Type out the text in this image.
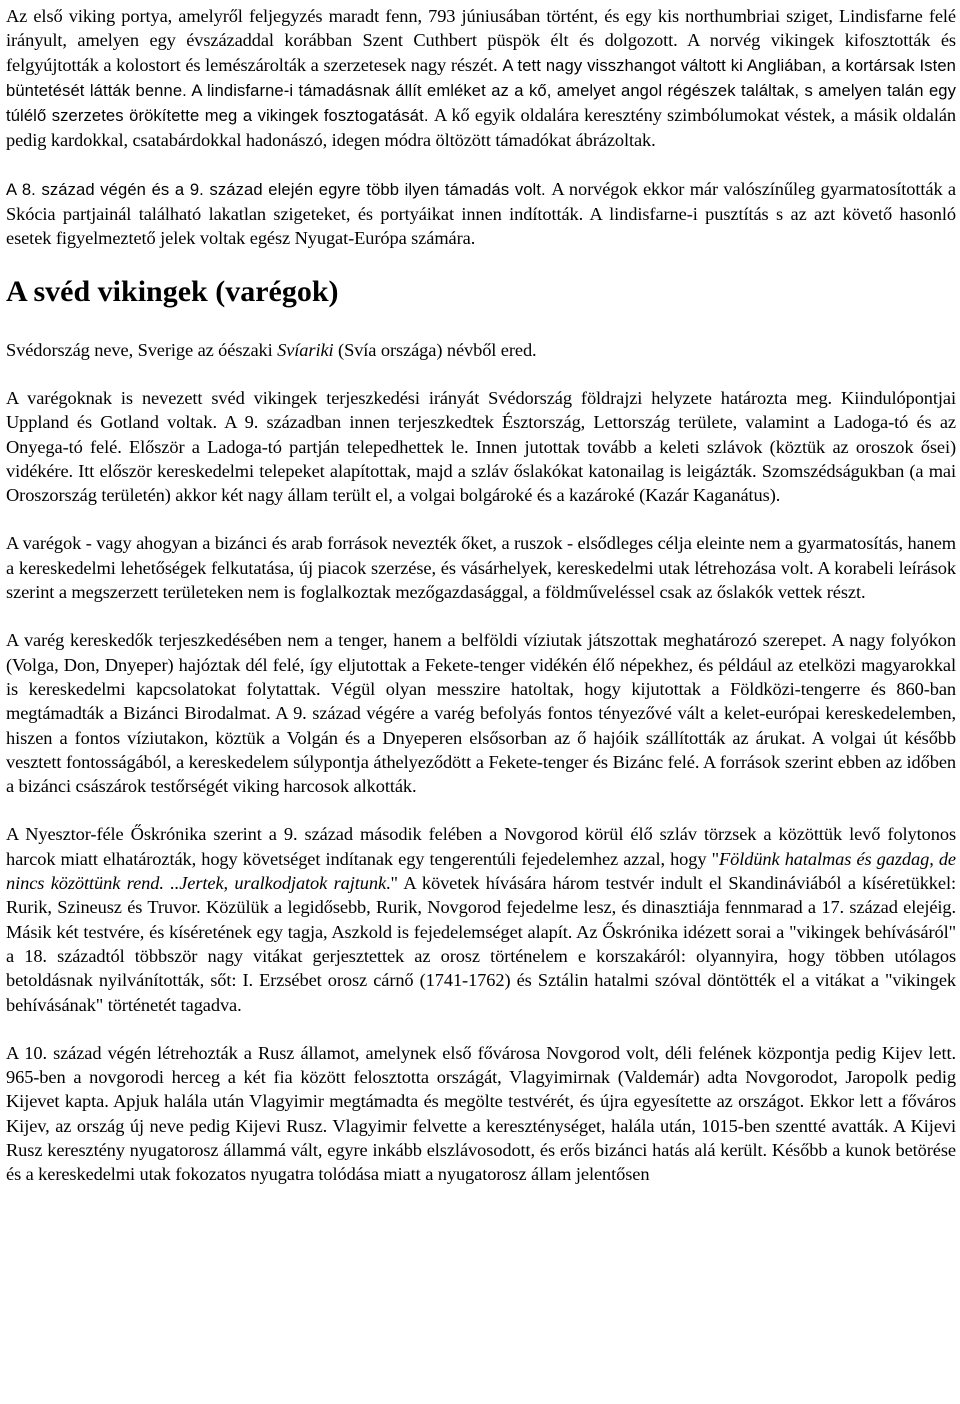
Az első viking portya, amelyről feljegyzés maradt fenn, 793 júniusában történt, és egy kis northumbriai sziget, Lindisfarne felé irányult, amelyen egy évszázaddal korábban Szent Cuthbert püspök élt és dolgozott. A norvég vikingek kifosztották és felgyújtották a kolostort és lemészárolták a szerzetesek nagy részét. A tett nagy visszhangot váltott ki Angliában, a kortársak Isten büntetését látták benne. A lindisfarne-i támadásnak állít emléket az a kő, amelyet angol régészek találtak, s amelyen talán egy túlélő szerzetes örökítette meg a vikingek fosztogatását. A kő egyik oldalára keresztény szimbólumokat véstek, a másik oldalán pedig kardokkal, csatabárdokkal hadonászó, idegen módra öltözött támadókat ábrázoltak.

A 8. század végén és a 9. század elején egyre több ilyen támadás volt. A norvégok ekkor már valószínűleg gyarmatosították a Skócia partjainál található lakatlan szigeteket, és portyáikat innen indították. A lindisfarne-i pusztítás s az azt követő hasonló esetek figyelmeztető jelek voltak egész Nyugat-Európa számára.

A svéd vikingek (varégok)

Svédország neve, Sverige az óészaki Svíariki (Svía országa) névből ered.

A varégoknak is nevezett svéd vikingek terjeszkedési irányát Svédország földrajzi helyzete határozta meg. Kiindulópontjai Uppland és Gotland voltak. A 9. században innen terjeszkedtek Észtország, Lettország területe, valamint a Ladoga-tó és az Onyega-tó felé. Először a Ladoga-tó partján telepedhettek le. Innen jutottak tovább a keleti szlávok (köztük az oroszok ősei) vidékére. Itt először kereskedelmi telepeket alapítottak, majd a szláv őslakókat katonailag is leigázták. Szomszédságukban (a mai Oroszország területén) akkor két nagy állam terült el, a volgai bolgároké és a kazároké (Kazár Kaganátus).

A varégok - vagy ahogyan a bizánci és arab források nevezték őket, a ruszok - elsődleges célja eleinte nem a gyarmatosítás, hanem a kereskedelmi lehetőségek felkutatása, új piacok szerzése, és vásárhelyek, kereskedelmi utak létrehozása volt. A korabeli leírások szerint a megszerzett területeken nem is foglalkoztak mezőgazdasággal, a földműveléssel csak az őslakók vettek részt.

A varég kereskedők terjeszkedésében nem a tenger, hanem a belföldi víziutak játszottak meghatározó szerepet. A nagy folyókon (Volga, Don, Dnyeper) hajóztak dél felé, így eljutottak a Fekete-tenger vidékén élő népekhez, és például az etelközi magyarokkal is kereskedelmi kapcsolatokat folytattak. Végül olyan messzire hatoltak, hogy kijutottak a Földközi-tengerre és 860-ban megtámadták a Bizánci Birodalmat. A 9. század végére a varég befolyás fontos tényezővé vált a kelet-európai kereskedelemben, hiszen a fontos víziutakon, köztük a Volgán és a Dnyeperen elsősorban az ő hajóik szállították az árukat. A volgai út később vesztett fontosságából, a kereskedelem súlypontja áthelyeződött a Fekete-tenger és Bizánc felé. A források szerint ebben az időben a bizánci császárok testőrségét viking harcosok alkották.

A Nyesztor-féle Őskrónika szerint a 9. század második felében a Novgorod körül élő szláv törzsek a közöttük levő folytonos harcok miatt elhatározták, hogy követséget indítanak egy tengerentúli fejedelemhez azzal, hogy "Földünk hatalmas és gazdag, de nincs közöttünk rend. ..Jertek, uralkodjatok rajtunk." A követek hívására három testvér indult el Skandináviából a kíséretükkel: Rurik, Szineusz és Truvor. Közülük a legidősebb, Rurik, Novgorod fejedelme lesz, és dinasztiája fennmarad a 17. század elejéig. Másik két testvére, és kíséretének egy tagja, Aszkold is fejedelemséget alapít. Az Őskrónika idézett sorai a "vikingek behívásáról" a 18. századtól többször nagy vitákat gerjesztettek az orosz történelem e korszakáról: olyannyira, hogy többen utólagos betoldásnak nyilvánították, sőt: I. Erzsébet orosz cárnő (1741-1762) és Sztálin hatalmi szóval döntötték el a vitákat a "vikingek behívásának" történetét tagadva.

A 10. század végén létrehozták a Rusz államot, amelynek első fővárosa Novgorod volt, déli felének központja pedig Kijev lett. 965-ben a novgorodi herceg a két fia között felosztotta országát, Vlagyimirnak (Valdemár) adta Novgorodot, Jaropolk pedig Kijevet kapta. Apjuk halála után Vlagyimir megtámadta és megölte testvérét, és újra egyesítette az országot. Ekkor lett a főváros Kijev, az ország új neve pedig Kijevi Rusz. Vlagyimir felvette a kereszténységet, halála után, 1015-ben szentté avatták. A Kijevi Rusz keresztény nyugatorosz állammá vált, egyre inkább elszlávosodott, és erős bizánci hatás alá került. Később a kunok betörése és a kereskedelmi utak fokozatos nyugatra tolódása miatt a nyugatorosz állam jelentősen
